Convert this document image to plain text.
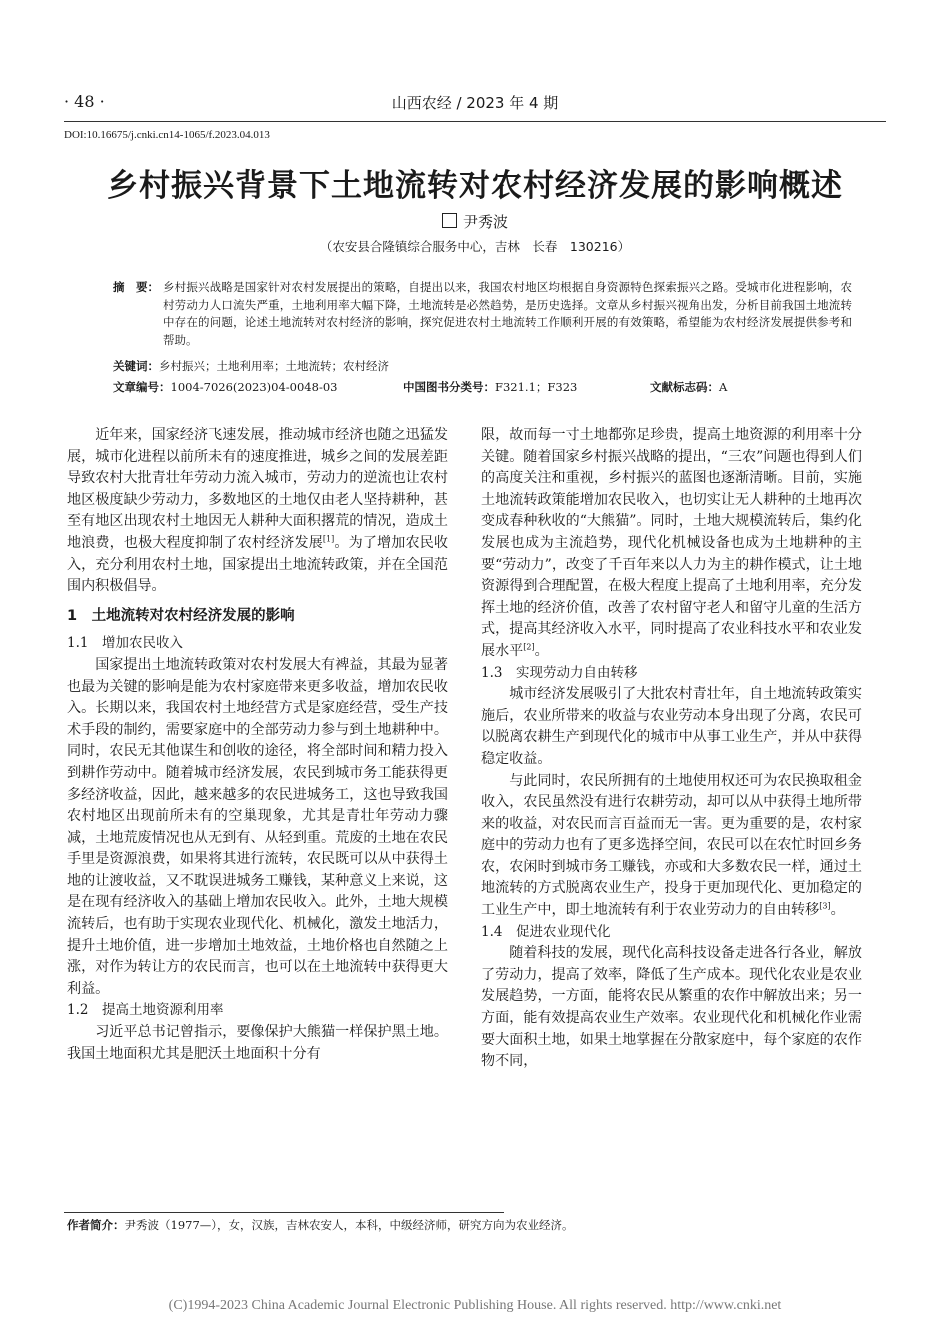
· 48 ·	山西农经 / 2023 年 4 期
DOI:10.16675/j.cnki.cn14-1065/f.2023.04.013
乡村振兴背景下土地流转对农村经济发展的影响概述
尹秀波
（农安县合隆镇综合服务中心，吉林　长春　130216）
摘　要： 乡村振兴战略是国家针对农村发展提出的策略，自提出以来，我国农村地区均根据自身资源特色探索振兴之路。受城市化进程影响，农村劳动力人口流失严重，土地利用率大幅下降，土地流转是必然趋势，是历史选择。文章从乡村振兴视角出发，分析目前我国土地流转中存在的问题，论述土地流转对农村经济的影响，探究促进农村土地流转工作顺利开展的有效策略，希望能为农村经济发展提供参考和帮助。
关键词：乡村振兴；土地利用率；土地流转；农村经济
文章编号：1004-7026(2023)04-0048-03	中国图书分类号：F321.1；F323	文献标志码：A

近年来，国家经济飞速发展，推动城市经济也随之迅猛发展，城市化进程以前所未有的速度推进，城乡之间的发展差距导致农村大批青壮年劳动力流入城市，劳动力的逆流也让农村地区极度缺少劳动力，多数地区的土地仅由老人坚持耕种，甚至有地区出现农村土地因无人耕种大面积撂荒的情况，造成土地浪费，也极大程度抑制了农村经济发展[1]。为了增加农民收入，充分利用农村土地，国家提出土地流转政策，并在全国范围内积极倡导。

1　土地流转对农村经济发展的影响
1.1　增加农民收入

国家提出土地流转政策对农村发展大有裨益，其最为显著也最为关键的影响是能为农村家庭带来更多收益，增加农民收入。长期以来，我国农村土地经营方式是家庭经营，受生产技术手段的制约，需要家庭中的全部劳动力参与到土地耕种中。同时，农民无其他谋生和创收的途径，将全部时间和精力投入到耕作劳动中。随着城市经济发展，农民到城市务工能获得更多经济收益，因此，越来越多的农民进城务工，这也导致我国农村地区出现前所未有的空巢现象，尤其是青壮年劳动力骤减，土地荒废情况也从无到有、从轻到重。荒废的土地在农民手里是资源浪费，如果将其进行流转，农民既可以从中获得土地的让渡收益，又不耽误进城务工赚钱，某种意义上来说，这是在现有经济收入的基础上增加农民收入。此外，土地大规模流转后，也有助于实现农业现代化、机械化，激发土地活力，提升土地价值，进一步增加土地效益，土地价格也自然随之上涨，对作为转让方的农民而言，也可以在土地流转中获得更大利益。

1.2　提高土地资源利用率

习近平总书记曾指示，要像保护大熊猫一样保护黑土地。我国土地面积尤其是肥沃土地面积十分有

限，故而每一寸土地都弥足珍贵，提高土地资源的利用率十分关键。随着国家乡村振兴战略的提出，“三农”问题也得到人们的高度关注和重视，乡村振兴的蓝图也逐渐清晰。目前，实施土地流转政策能增加农民收入，也切实让无人耕种的土地再次变成春种秋收的“大熊猫”。同时，土地大规模流转后，集约化发展也成为主流趋势，现代化机械设备也成为土地耕种的主要“劳动力”，改变了千百年来以人力为主的耕作模式，让土地资源得到合理配置，在极大程度上提高了土地利用率，充分发挥土地的经济价值，改善了农村留守老人和留守儿童的生活方式，提高其经济收入水平，同时提高了农业科技水平和农业发展水平[2]。

1.3　实现劳动力自由转移

城市经济发展吸引了大批农村青壮年，自土地流转政策实施后，农业所带来的收益与农业劳动本身出现了分离，农民可以脱离农耕生产到现代化的城市中从事工业生产，并从中获得稳定收益。

与此同时，农民所拥有的土地使用权还可为农民换取租金收入，农民虽然没有进行农耕劳动，却可以从中获得土地所带来的收益，对农民而言百益而无一害。更为重要的是，农村家庭中的劳动力也有了更多选择空间，农民可以在农忙时回乡务农，农闲时到城市务工赚钱，亦或和大多数农民一样，通过土地流转的方式脱离农业生产，投身于更加现代化、更加稳定的工业生产中，即土地流转有利于农业劳动力的自由转移[3]。

1.4　促进农业现代化

随着科技的发展，现代化高科技设备走进各行各业，解放了劳动力，提高了效率，降低了生产成本。现代化农业是农业发展趋势，一方面，能将农民从繁重的农作中解放出来；另一方面，能有效提高农业生产效率。农业现代化和机械化作业需要大面积土地，如果土地掌握在分散家庭中，每个家庭的农作物不同，

作者简介：尹秀波（1977—），女，汉族，吉林农安人，本科，中级经济师，研究方向为农业经济。
(C)1994-2023 China Academic Journal Electronic Publishing House. All rights reserved. http://www.cnki.net
